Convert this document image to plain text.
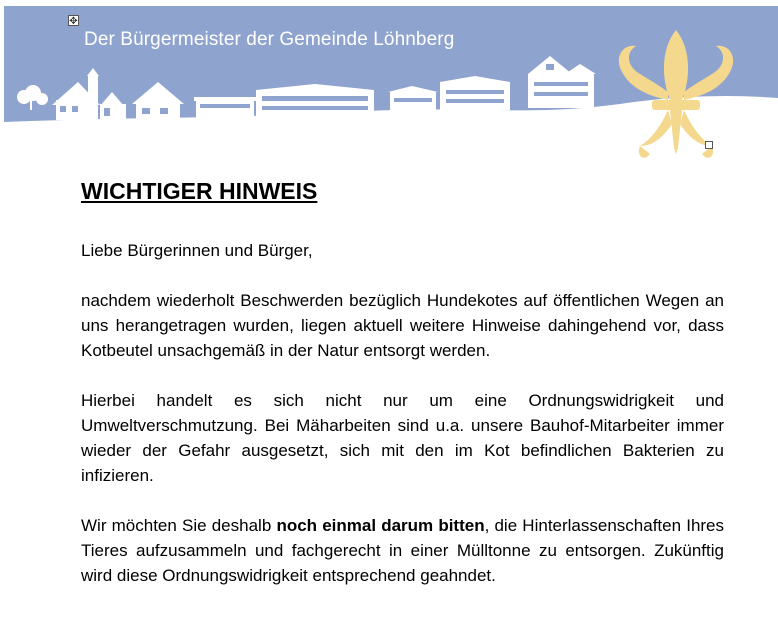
Der Bürgermeister der Gemeinde Löhnberg
✥
WICHTIGER HINWEIS

Liebe Bürgerinnen und Bürger,

nachdem wiederholt Beschwerden bezüglich Hundekotes auf öffentlichen Wegen an uns herangetragen wurden, liegen aktuell weitere Hinweise dahingehend vor, dass Kotbeutel unsachgemäß in der Natur entsorgt werden.

Hierbei handelt es sich nicht nur um eine Ordnungswidrigkeit und Umweltverschmutzung. Bei Mäharbeiten sind u.a. unsere Bauhof-Mitarbeiter immer wieder der Gefahr ausgesetzt, sich mit den im Kot befindlichen Bakterien zu infizieren.

Wir möchten Sie deshalb noch einmal darum bitten, die Hinterlassenschaften Ihres Tieres aufzusammeln und fachgerecht in einer Mülltonne zu entsorgen. Zukünftig wird diese Ordnungswidrigkeit entsprechend geahndet.
